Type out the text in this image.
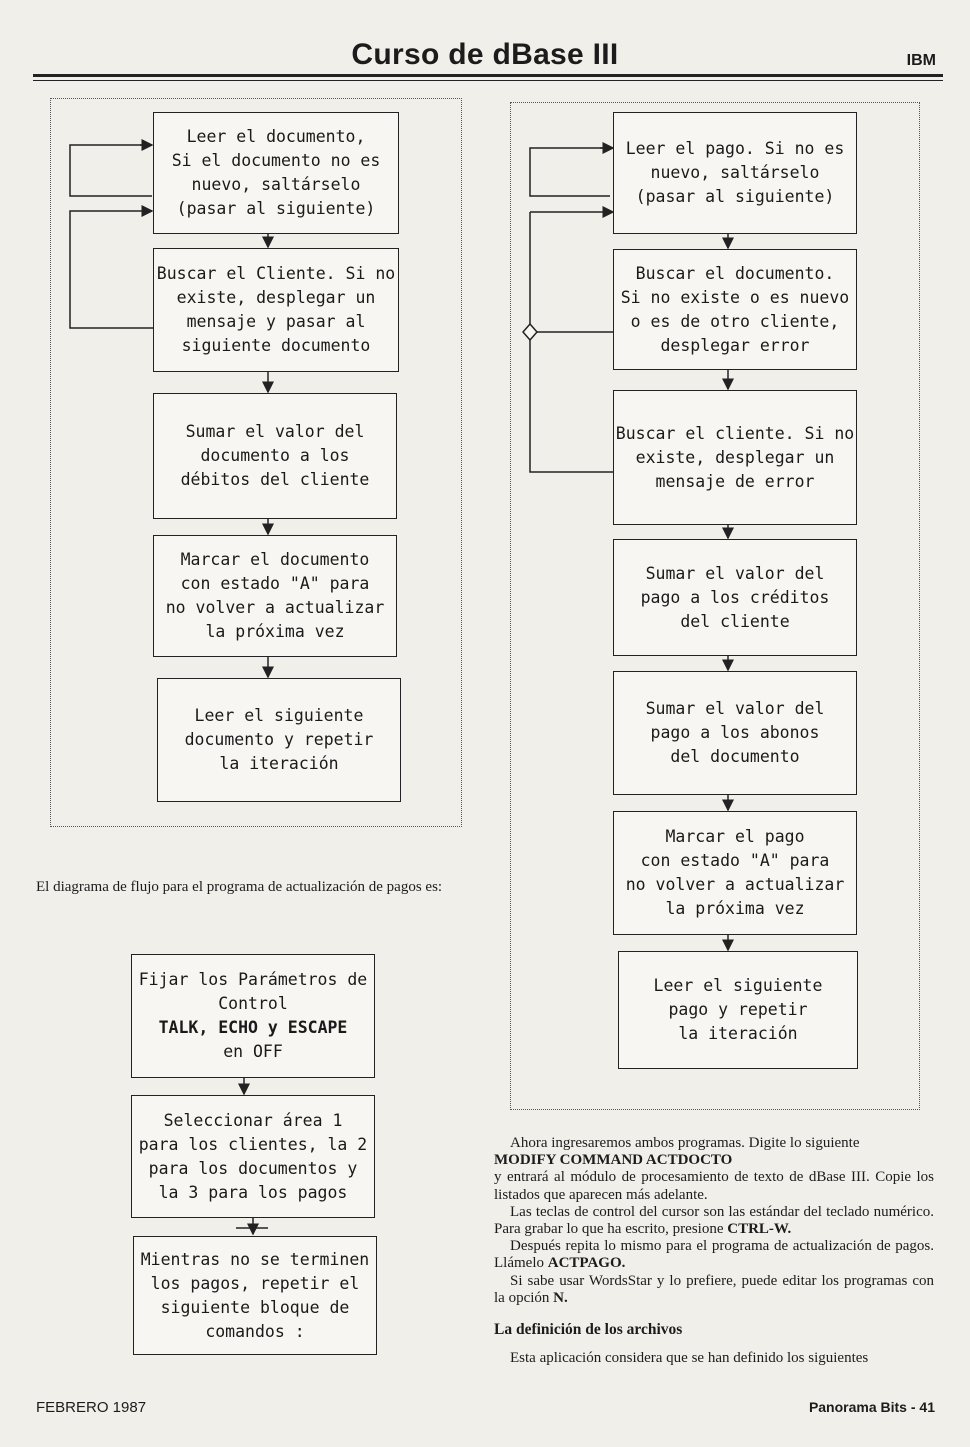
Curso de dBase III	IBM
Leer el documento,
Si el documento no es
nuevo, saltárselo
(pasar al siguiente)
Buscar el Cliente. Si no
existe, desplegar un
mensaje y pasar al
siguiente documento
Sumar el valor del
documento a los
débitos del cliente
Marcar el documento
con estado "A" para
no volver a actualizar
la próxima vez
Leer el siguiente
documento y repetir
la iteración
Leer el pago. Si no es
nuevo, saltárselo
(pasar al siguiente)
Buscar el documento.
Si no existe o es nuevo
o es de otro cliente,
desplegar error
Buscar el cliente. Si no
existe, desplegar un
mensaje de error
Sumar el valor del
pago a los créditos
del cliente
Sumar el valor del
pago a los abonos
del documento
Marcar el pago
con estado "A" para
no volver a actualizar
la próxima vez
Leer el siguiente
pago y repetir
la iteración
El diagrama de flujo para el programa de actualización de pagos es:
Fijar los Parámetros de
Control
TALK, ECHO y ESCAPE
en OFF
Seleccionar área 1
para los clientes, la 2
para los documentos y
la 3 para los pagos
Mientras no se terminen
los pagos, repetir el
siguiente bloque de
comandos :

Ahora ingresaremos ambos programas. Digite lo siguiente
MODIFY COMMAND ACTDOCTO
y entrará al módulo de procesamiento de texto de dBase III. Copie los listados que aparecen más adelante.

Las teclas de control del cursor son las estándar del teclado numérico. Para grabar lo que ha escrito, presione CTRL-W.

Después repita lo mismo para el programa de actualización de pagos. Llámelo ACTPAGO.

Si sabe usar WordsStar y lo prefiere, puede editar los programas con la opción N.

La definición de los archivos

Esta aplicación considera que se han definido los siguientes

FEBRERO 1987	Panorama Bits - 41
